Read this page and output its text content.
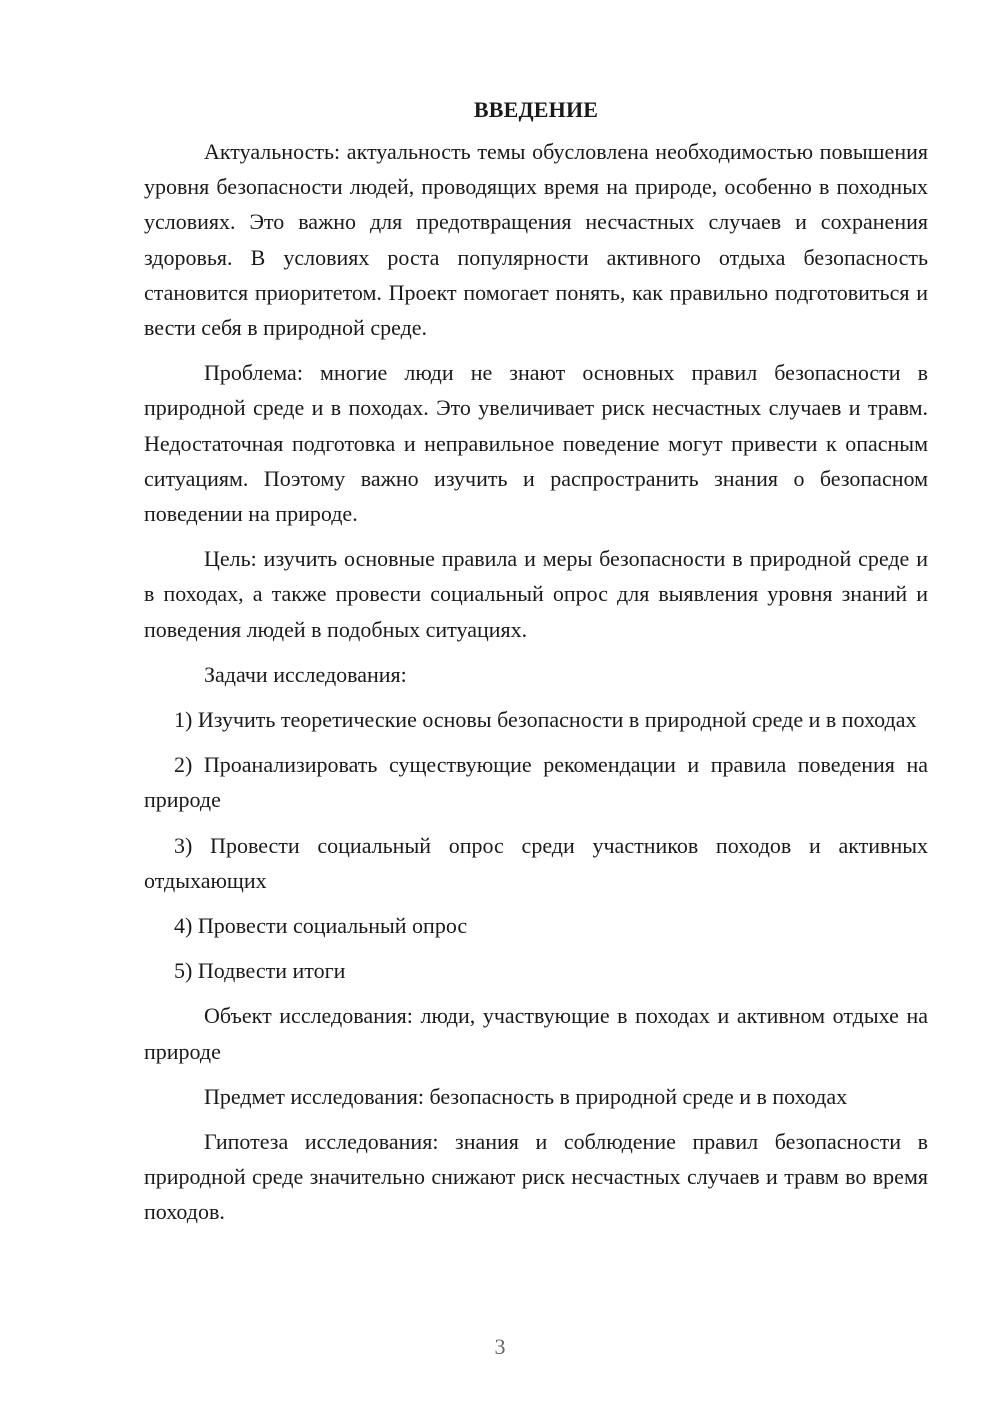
ВВЕДЕНИЕ

Актуальность: актуальность темы обусловлена необходимостью повышения уровня безопасности людей, проводящих время на природе, особенно в походных условиях. Это важно для предотвращения несчастных случаев и сохранения здоровья. В условиях роста популярности активного отдыха безопасность становится приоритетом. Проект помогает понять, как правильно подготовиться и вести себя в природной среде.

Проблема: многие люди не знают основных правил безопасности в природной среде и в походах. Это увеличивает риск несчастных случаев и травм. Недостаточная подготовка и неправильное поведение могут привести к опасным ситуациям. Поэтому важно изучить и распространить знания о безопасном поведении на природе.

Цель: изучить основные правила и меры безопасности в природной среде и в походах, а также провести социальный опрос для выявления уровня знаний и поведения людей в подобных ситуациях.

Задачи исследования:

1) Изучить теоретические основы безопасности в природной среде и в походах

2) Проанализировать существующие рекомендации и правила поведения на природе

3) Провести социальный опрос среди участников походов и активных отдыхающих

4) Провести социальный опрос

5) Подвести итоги

Объект исследования: люди, участвующие в походах и активном отдыхе на природе

Предмет исследования: безопасность в природной среде и в походах

Гипотеза исследования: знания и соблюдение правил безопасности в природной среде значительно снижают риск несчастных случаев и травм во время походов.

3
